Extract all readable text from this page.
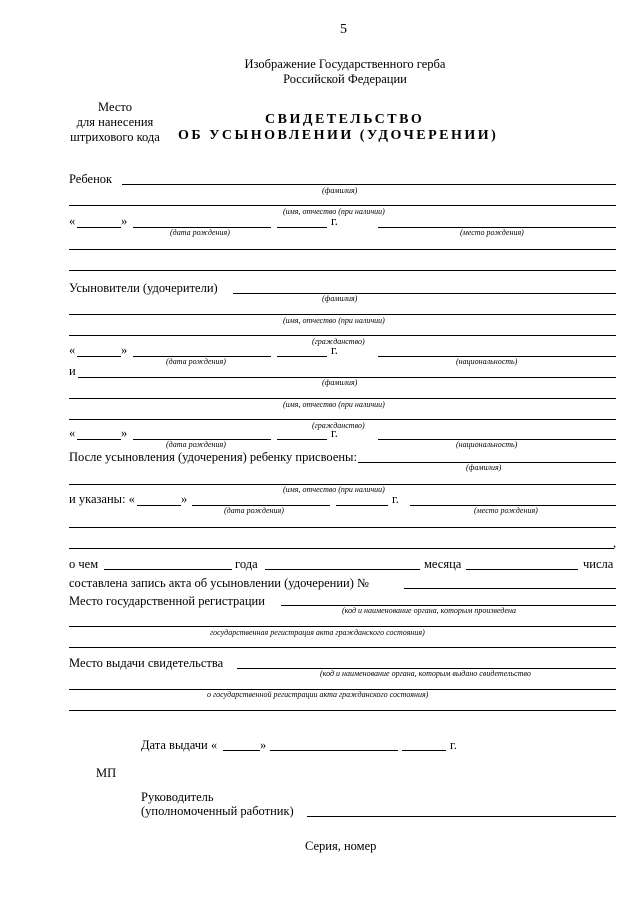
5
Изображение Государственного герба
Российской Федерации
Место
для нанесения
штрихового кода
СВИДЕТЕЛЬСТВО
ОБ УСЫНОВЛЕНИИ (УДОЧЕРЕНИИ)
Ребенок
(фамилия)
(имя, отчество (при наличии)
«	»	г.
(дата рождения)	(место рождения)
Усыновители (удочерители)
(фамилия)
(имя, отчество (при наличии)
(гражданство)
«	»	г.
(дата рождения)	(национальность)
и
(фамилия)
(имя, отчество (при наличии)
(гражданство)
«	»	г.
(дата рождения)	(национальность)
После усыновления (удочерения) ребенку присвоены:
(фамилия)
(имя, отчество (при наличии)
и указаны: «	»	г.
(дата рождения)	(место рождения)
,
о чем	года	месяца	числа
составлена запись акта об усыновлении (удочерении) №
Место государственной регистрации
(код и наименование органа, которым произведена
государственная регистрация акта гражданского состояния)
Место выдачи свидетельства
(код и наименование органа, которым выдано свидетельство
о государственной регистрации акта гражданского состояния)
Дата выдачи «	»	г.
МП
Руководитель
(уполномоченный работник)
Серия, номер
